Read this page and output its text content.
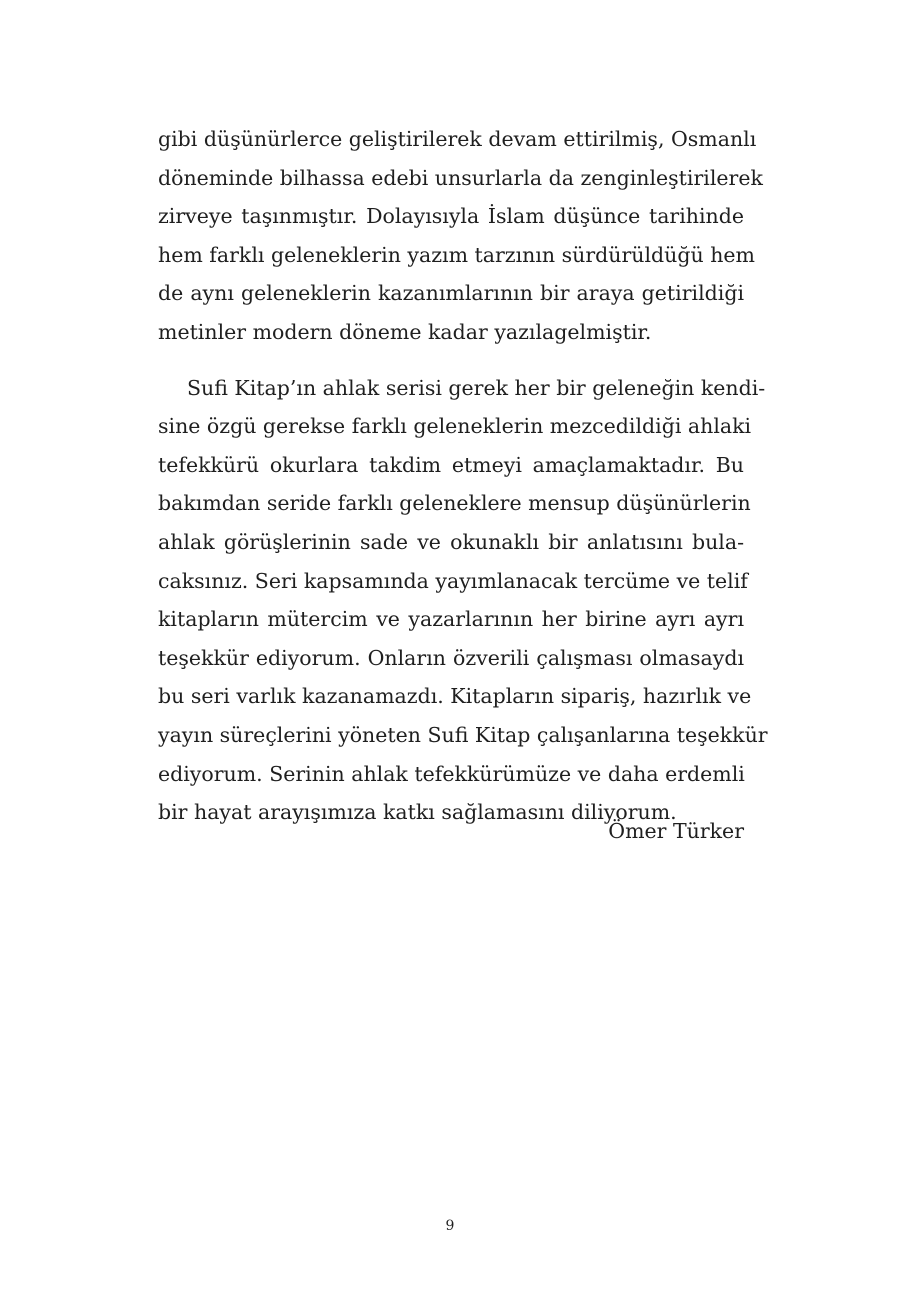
gibi düşünürlerce geliştirilerek devam ettirilmiş, Osmanlı
döneminde bilhassa edebi unsurlarla da zenginleştirilerek
zirveye taşınmıştır. Dolayısıyla İslam düşünce tarihinde
hem farklı geleneklerin yazım tarzının sürdürüldüğü hem
de aynı geleneklerin kazanımlarının bir araya getirildiği
metinler modern döneme kadar yazılagelmiştir.
Sufi Kitap’ın ahlak serisi gerek her bir geleneğin kendi-
sine özgü gerekse farklı geleneklerin mezcedildiği ahlaki
tefekkürü okurlara takdim etmeyi amaçlamaktadır. Bu
bakımdan seride farklı geleneklere mensup düşünürlerin
ahlak görüşlerinin sade ve okunaklı bir anlatısını bula-
caksınız. Seri kapsamında yayımlanacak tercüme ve telif
kitapların mütercim ve yazarlarının her birine ayrı ayrı
teşekkür ediyorum. Onların özverili çalışması olmasaydı
bu seri varlık kazanamazdı. Kitapların sipariş, hazırlık ve
yayın süreçlerini yöneten Sufi Kitap çalışanlarına teşekkür
ediyorum. Serinin ahlak tefekkürümüze ve daha erdemli
bir hayat arayışımıza katkı sağlamasını diliyorum.
Ömer Türker
9
